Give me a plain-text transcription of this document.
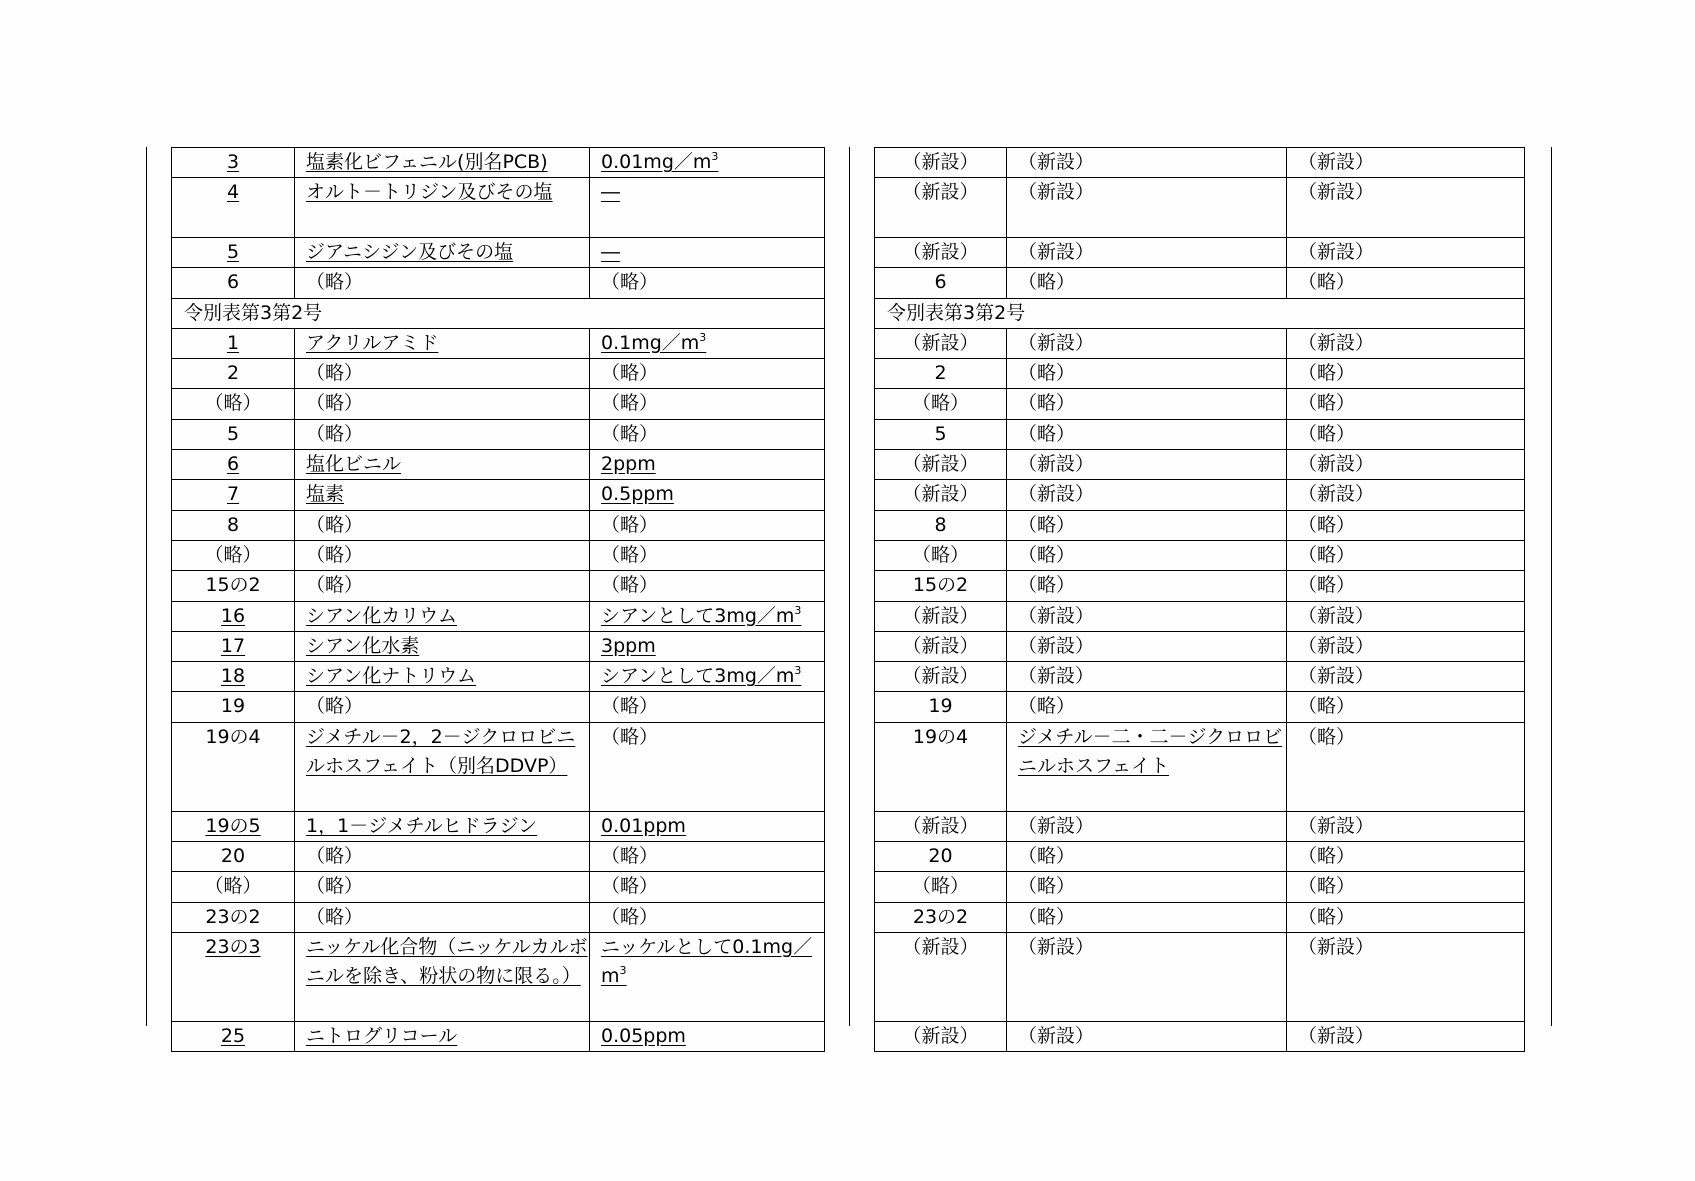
3	塩素化ビフェニル(別名PCB)	$0.01mg/m^3$
4	オルト－トリジン及びその塩	―
5	ジアニシジン及びその塩	―
6	（略）	（略）
令別表第3第2号		
1	アクリルアミド	$0.1mg/m^3$
2	（略）	（略）
（略）	（略）	（略）
5	（略）	（略）
6	塩化ビニル	2ppm
7	塩素	0.5ppm
8	（略）	（略）
（略）	（略）	（略）
15の2	（略）	（略）
16	シアン化カリウム	シアンとして$3mg/m^3$
17	シアン化水素	3ppm
18	シアン化ナトリウム	シアンとして$3mg/m^3$
19	（略）	（略）
19の4	ジメチル－2，2－ジクロロビニルホスフェイト（別名DDVP）	（略）
19の5	1，1－ジメチルヒドラジン	0.01ppm
20	（略）	（略）
（略）	（略）	（略）
23の2	（略）	（略）
23の3	ニッケル化合物（ニッケルカルボニルを除き、粉状の物に限る。）	ニッケルとして$0.1mg/m^3$
25	ニトログリコール	0.05ppm
（新設）	（新設）	（新設）
（新設）	（新設）	（新設）
（新設）	（新設）	（新設）
6	（略）	（略）
令別表第3第2号		
（新設）	（新設）	（新設）
2	（略）	（略）
（略）	（略）	（略）
5	（略）	（略）
（新設）	（新設）	（新設）
（新設）	（新設）	（新設）
8	（略）	（略）
（略）	（略）	（略）
15の2	（略）	（略）
（新設）	（新設）	（新設）
（新設）	（新設）	（新設）
（新設）	（新設）	（新設）
19	（略）	（略）
19の4	ジメチル－二・二－ジクロロビニルホスフェイト	（略）
（新設）	（新設）	（新設）
20	（略）	（略）
（略）	（略）	（略）
23の2	（略）	（略）
（新設）	（新設）	（新設）
（新設）	（新設）	（新設）
